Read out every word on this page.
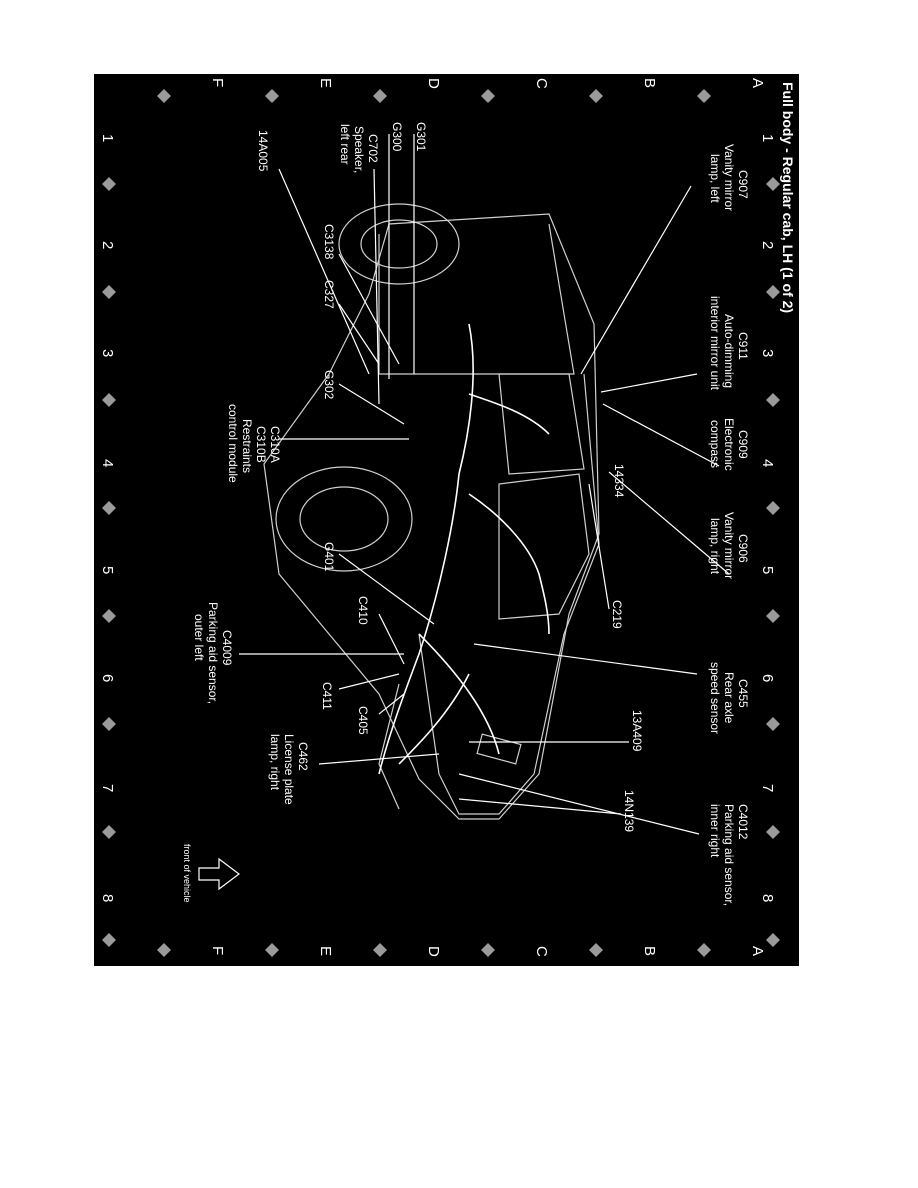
Full body - Regular cab, LH (1 of 2)
1
2
3
4
5
6
7
8
1
2
3
4
5
6
7
8
A
B
C
D
E
F
A
B
C
D
E
F
C907 Vanity mirror lamp, left
C911 Auto-dimming interior mirror unit
C909 Electronic compass
14334
C906 Vanity mirror lamp, right
C219
C455 Rear axle speed sensor
13A409
14N139	C4012 Parking aid sensor, inner right
G301
G300
C702 Speaker, left rear
14A005
C3138
C327
G302
C310A C310B Restraints control module
G401
C410
C4009 Parking aid sensor, outer left
C411
C405
C462 License plate lamp, right
front of vehicle
